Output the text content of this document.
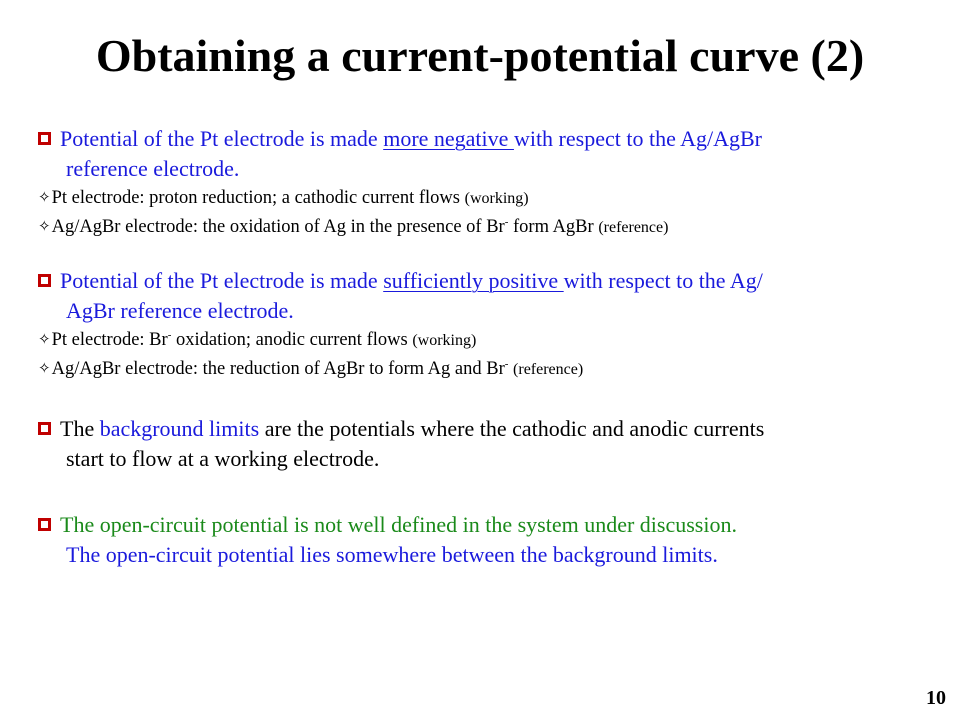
Obtaining a current-potential curve (2)
Potential of the Pt electrode is made more negative with respect to the Ag/AgBr
reference electrode.
✧Pt electrode: proton reduction; a cathodic current flows (working)
✧Ag/AgBr electrode: the oxidation of Ag in the presence of Br- form AgBr (reference)
Potential of the Pt electrode is made sufficiently positive with respect to the Ag/
AgBr reference electrode.
✧Pt electrode: Br- oxidation; anodic current flows (working)
✧Ag/AgBr electrode: the reduction of AgBr to form Ag and Br- (reference)
The background limits are the potentials where the cathodic and anodic currents
start to flow at a working electrode.
The open-circuit potential is not well defined in the system under discussion.
The open-circuit potential lies somewhere between the background limits.
10
